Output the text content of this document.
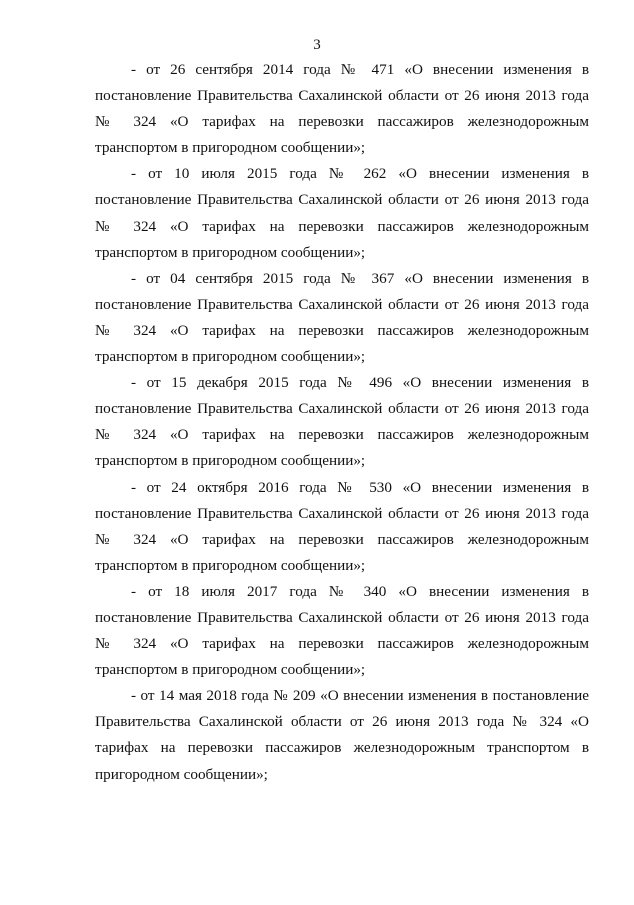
3

- от 26 сентября 2014 года № 471 «О внесении изменения в постановление Правительства Сахалинской области от 26 июня 2013 года № 324 «О тарифах на перевозки пассажиров железнодорожным транспортом в пригородном сообщении»;

- от 10 июля 2015 года № 262 «О внесении изменения в постановление Правительства Сахалинской области от 26 июня 2013 года № 324 «О тарифах на перевозки пассажиров железнодорожным транспортом в пригородном сообщении»;

- от 04 сентября 2015 года № 367 «О внесении изменения в постановление Правительства Сахалинской области от 26 июня 2013 года № 324 «О тарифах на перевозки пассажиров железнодорожным транспортом в пригородном сообщении»;

- от 15 декабря 2015 года № 496 «О внесении изменения в постановление Правительства Сахалинской области от 26 июня 2013 года № 324 «О тарифах на перевозки пассажиров железнодорожным транспортом в пригородном сообщении»;

- от 24 октября 2016 года № 530 «О внесении изменения в постановление Правительства Сахалинской области от 26 июня 2013 года № 324 «О тарифах на перевозки пассажиров железнодорожным транспортом в пригородном сообщении»;

- от 18 июля 2017 года № 340 «О внесении изменения в постановление Правительства Сахалинской области от 26 июня 2013 года № 324 «О тарифах на перевозки пассажиров железнодорожным транспортом в пригородном сообщении»;

- от 14 мая 2018 года № 209 «О внесении изменения в постановление Правительства Сахалинской области от 26 июня 2013 года № 324 «О тарифах на перевозки пассажиров железнодорожным транспортом в пригородном сообщении»;
